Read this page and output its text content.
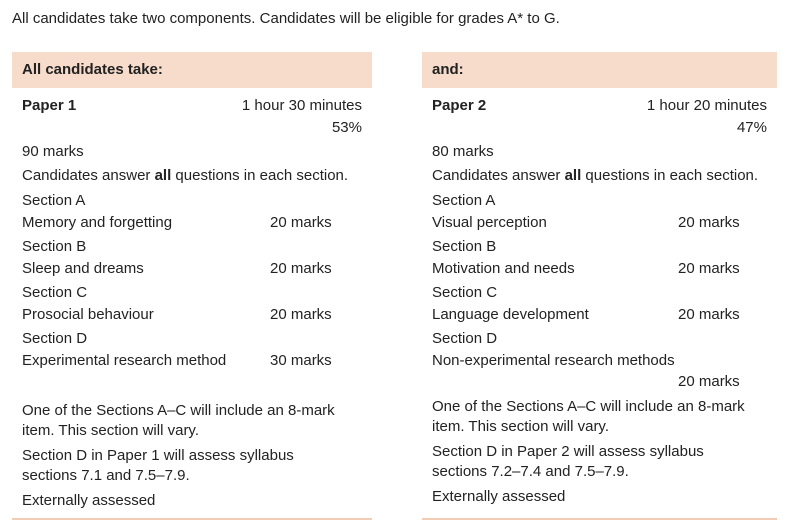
All candidates take two components. Candidates will be eligible for grades A* to G.
All candidates take:
Paper 1	1 hour 30 minutes
53%
90 marks
Candidates answer all questions in each section.
Section A
Memory and forgetting	20 marks
Section B
Sleep and dreams	20 marks
Section C
Prosocial behaviour	20 marks
Section D
Experimental research method	30 marks
One of the Sections A–C will include an 8-mark
item. This section will vary.
Section D in Paper 1 will assess syllabus
sections 7.1 and 7.5–7.9.
Externally assessed
and:
Paper 2	1 hour 20 minutes
47%
80 marks
Candidates answer all questions in each section.
Section A
Visual perception	20 marks
Section B
Motivation and needs	20 marks
Section C
Language development	20 marks
Section D
Non-experimental research methods
20 marks
One of the Sections A–C will include an 8-mark
item. This section will vary.
Section D in Paper 2 will assess syllabus
sections 7.2–7.4 and 7.5–7.9.
Externally assessed
